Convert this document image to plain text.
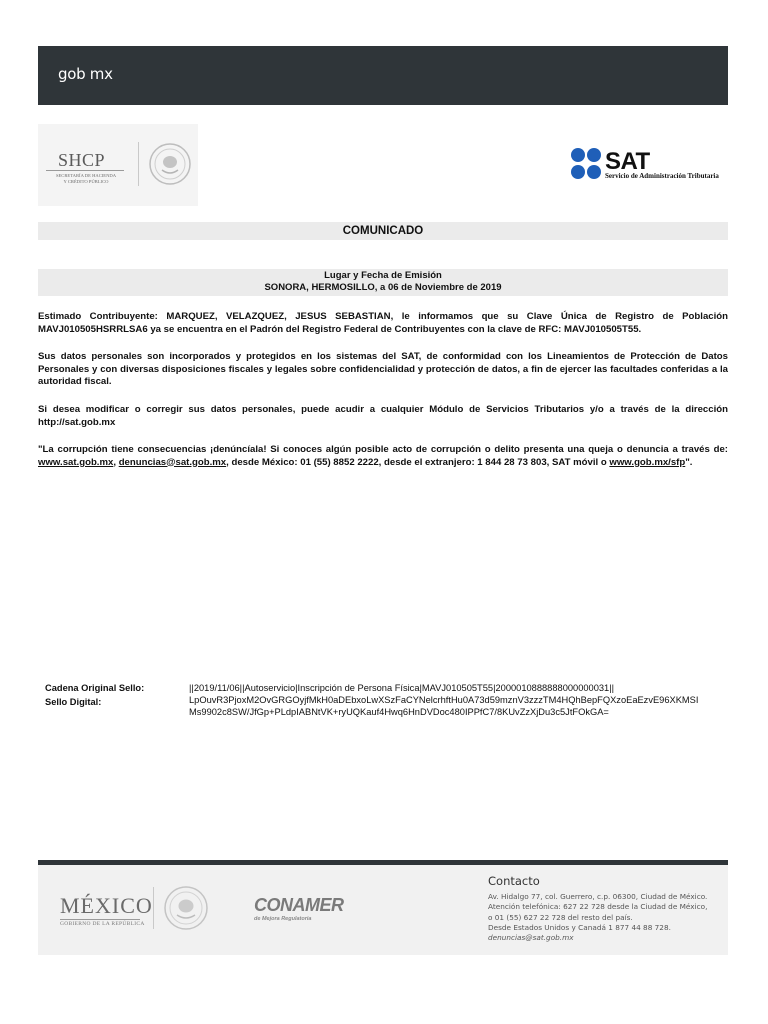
gob mx
SHCP
SECRETARÍA DE HACIENDA
Y CRÉDITO PÚBLICO
SAT
Servicio de Administración Tributaria
COMUNICADO
Lugar y Fecha de Emisión
SONORA, HERMOSILLO, a 06 de Noviembre de 2019

Estimado Contribuyente: MARQUEZ, VELAZQUEZ, JESUS SEBASTIAN, le informamos que su Clave Única de Registro de Población MAVJ010505HSRRLSA6 ya se encuentra en el Padrón del Registro Federal de Contribuyentes con la clave de RFC: MAVJ010505T55.

Sus datos personales son incorporados y protegidos en los sistemas del SAT, de conformidad con los Lineamientos de Protección de Datos Personales y con diversas disposiciones fiscales y legales sobre confidencialidad y protección de datos, a fin de ejercer las facultades conferidas a la autoridad fiscal.

Si desea modificar o corregir sus datos personales, puede acudir a cualquier Módulo de Servicios Tributarios y/o a través de la dirección http://sat.gob.mx

"La corrupción tiene consecuencias ¡denúncíala! Si conoces algún posible acto de corrupción o delito presenta una queja o denuncia a través de: www.sat.gob.mx, denuncias@sat.gob.mx, desde México: 01 (55) 8852 2222, desde el extranjero: 1 844 28 73 803, SAT móvil o www.gob.mx/sfp".

Cadena Original Sello:
Sello Digital:
||2019/11/06||Autoservicio|Inscripción de Persona Física|MAVJ010505T55|2000010888888000000031||
LpOuvR3PjoxM2OvGRGOyjfMkH0aDEbxoLwXSzFaCYNelcrhftHu0A73d59mznV3zzzTM4HQhBepFQXzoEaEzvE96XKMSIMs9902c8SW/JfGp+PLdpIABNtVK+ryUQKauf4Hwq6HnDVDoc480IPPfC7/8KUvZzXjDu3c5JtFOkGA=
MÉXICO
GOBIERNO DE LA REPÚBLICA
CONAMER
de Mejora Regulatoria
Contacto
Av. Hidalgo 77, col. Guerrero, c.p. 06300, Ciudad de México.
Atención telefónica: 627 22 728 desde la Ciudad de México,
o 01 (55) 627 22 728 del resto del país.
Desde Estados Unidos y Canadá 1 877 44 88 728.
denuncias@sat.gob.mx
